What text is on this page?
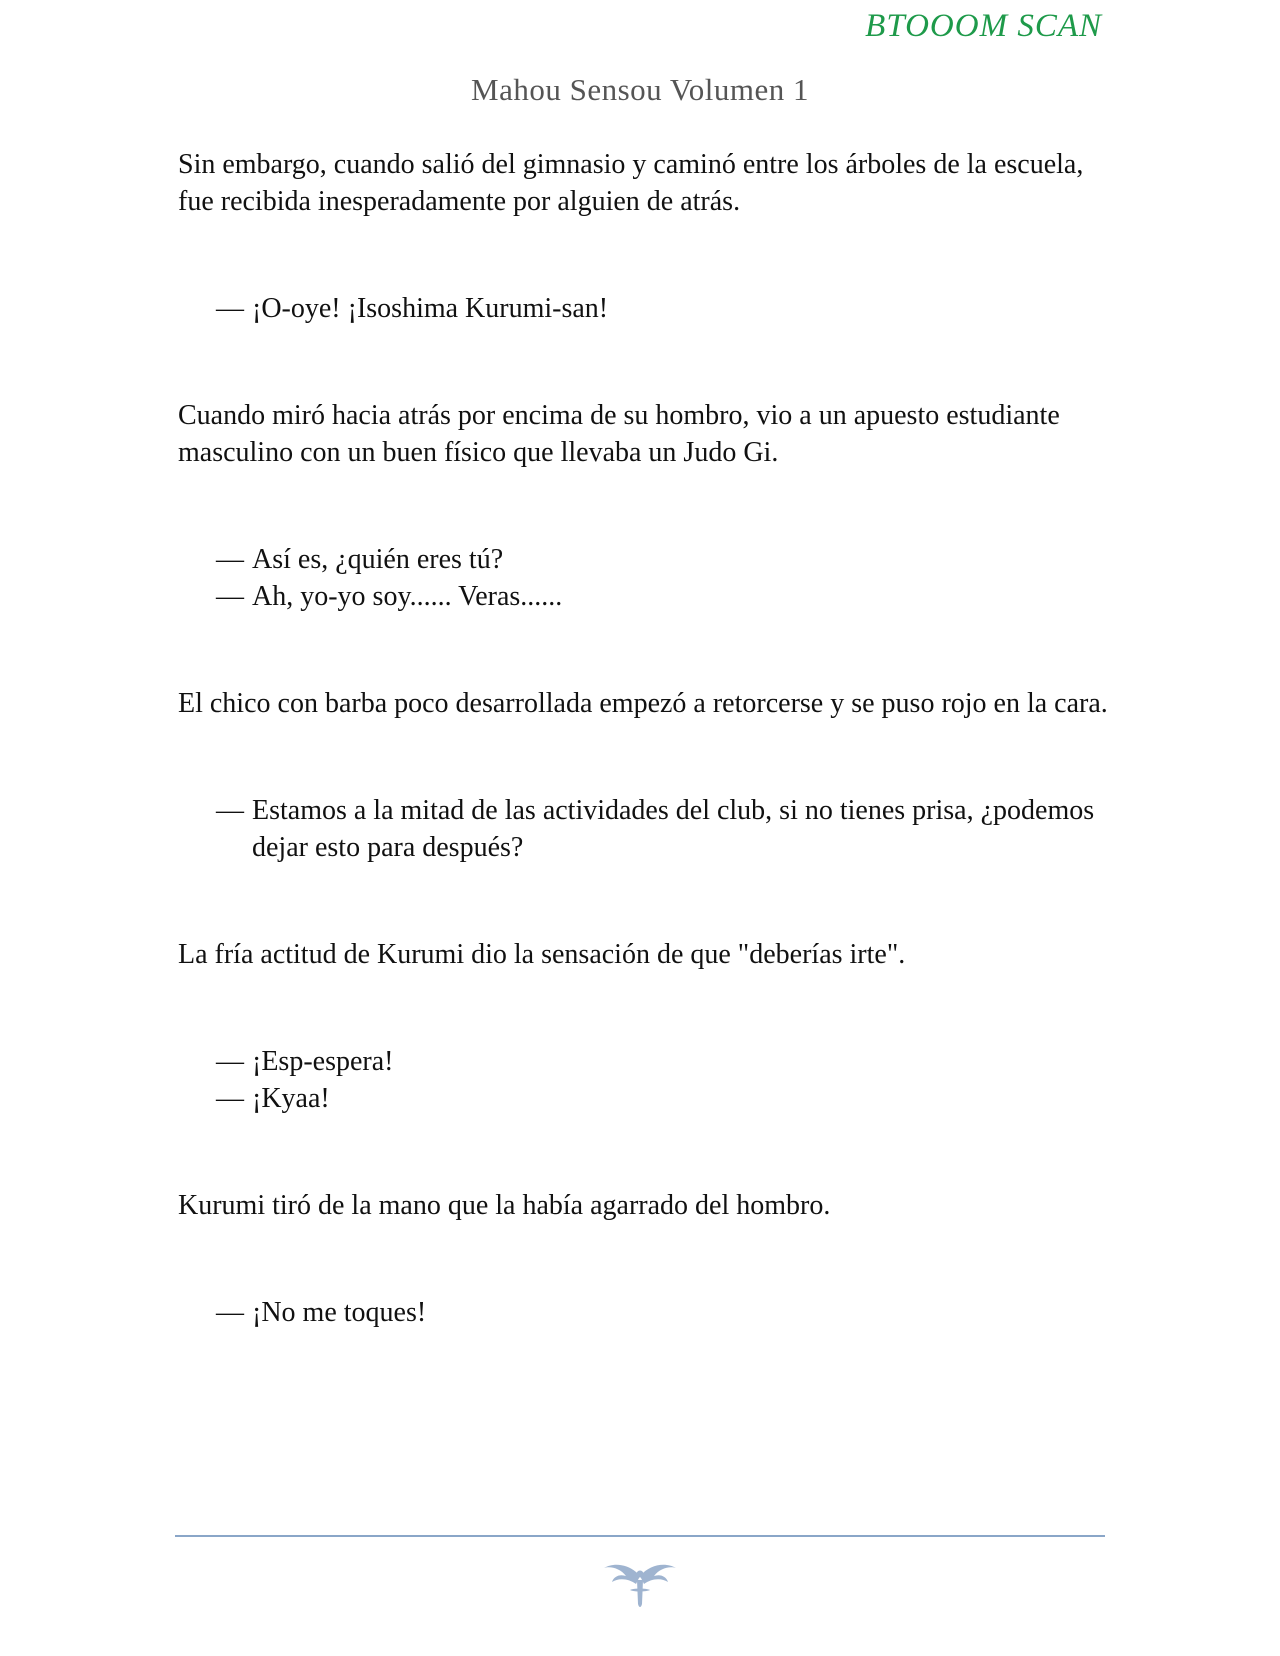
BTOOOM SCAN
Mahou Sensou Volumen 1

Sin embargo, cuando salió del gimnasio y caminó entre los árboles de la escuela, fue recibida inesperadamente por alguien de atrás.

— ¡O-oye! ¡Isoshima Kurumi-san!

Cuando miró hacia atrás por encima de su hombro, vio a un apuesto estudiante masculino con un buen físico que llevaba un Judo Gi.

— Así es, ¿quién eres tú?

— Ah, yo-yo soy...... Veras......

El chico con barba poco desarrollada empezó a retorcerse y se puso rojo en la cara.

— Estamos a la mitad de las actividades del club, si no tienes prisa, ¿podemos dejar esto para después?

La fría actitud de Kurumi dio la sensación de que "deberías irte".

— ¡Esp-espera!

— ¡Kyaa!

Kurumi tiró de la mano que la había agarrado del hombro.

— ¡No me toques!
